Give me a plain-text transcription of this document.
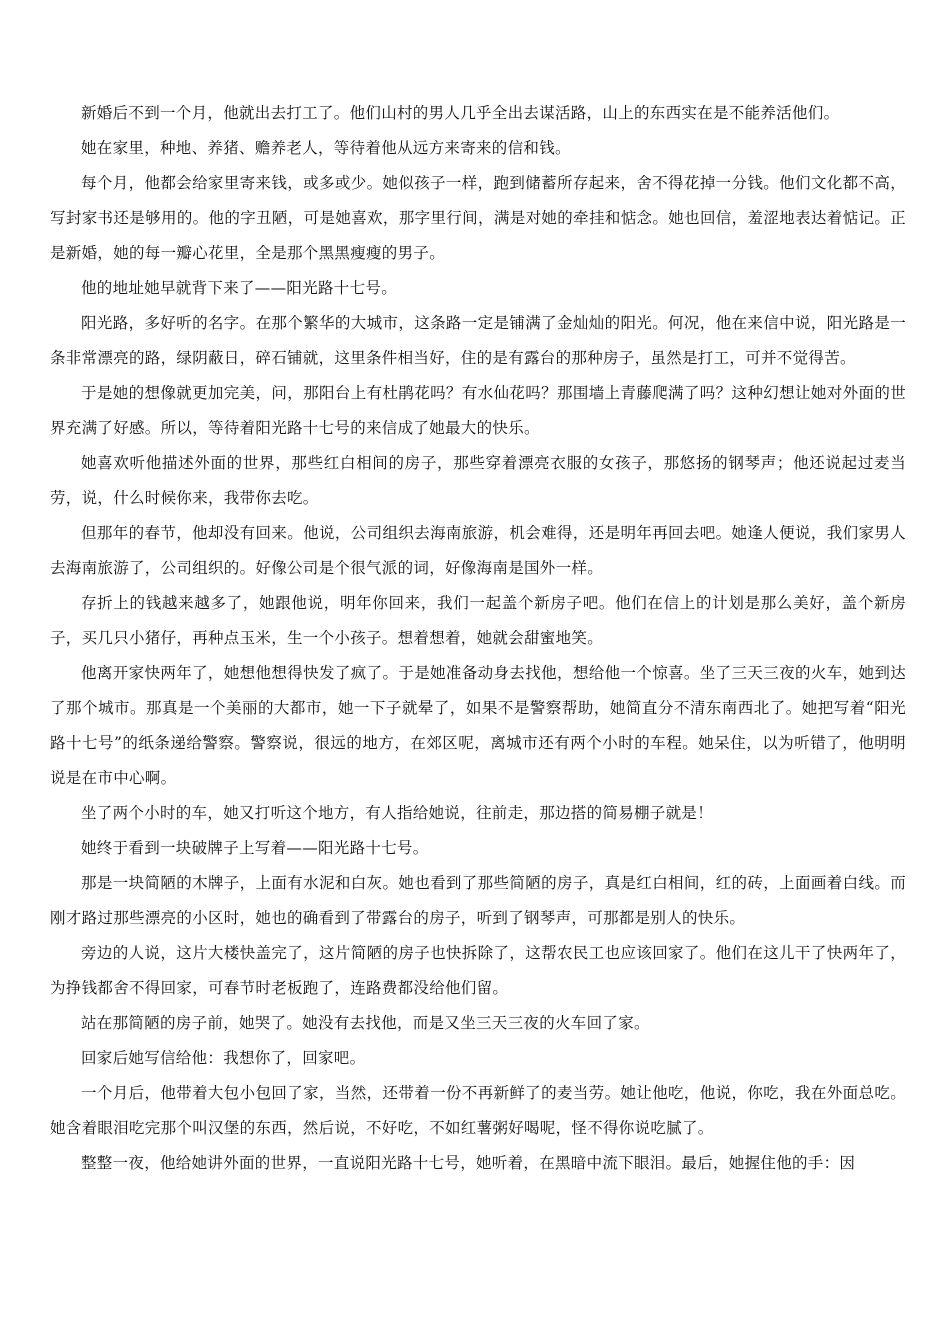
新婚后不到一个月，他就出去打工了。他们山村的男人几乎全出去谋活路，山上的东西实在是不能养活他们。

她在家里，种地、养猪、赡养老人，等待着他从远方来寄来的信和钱。

每个月，他都会给家里寄来钱，或多或少。她似孩子一样，跑到储蓄所存起来，舍不得花掉一分钱。他们文化都不高，写封家书还是够用的。他的字丑陋，可是她喜欢，那字里行间，满是对她的牵挂和惦念。她也回信，羞涩地表达着惦记。正是新婚，她的每一瓣心花里，全是那个黑黑瘦瘦的男子。

他的地址她早就背下来了——阳光路十七号。

阳光路，多好听的名字。在那个繁华的大城市，这条路一定是铺满了金灿灿的阳光。何况，他在来信中说，阳光路是一条非常漂亮的路，绿阴蔽日，碎石铺就，这里条件相当好，住的是有露台的那种房子，虽然是打工，可并不觉得苦。

于是她的想像就更加完美，问，那阳台上有杜鹃花吗？有水仙花吗？那围墙上青藤爬满了吗？这种幻想让她对外面的世界充满了好感。所以，等待着阳光路十七号的来信成了她最大的快乐。

她喜欢听他描述外面的世界，那些红白相间的房子，那些穿着漂亮衣服的女孩子，那悠扬的钢琴声；他还说起过麦当劳，说，什么时候你来，我带你去吃。

但那年的春节，他却没有回来。他说，公司组织去海南旅游，机会难得，还是明年再回去吧。她逢人便说，我们家男人去海南旅游了，公司组织的。好像公司是个很气派的词，好像海南是国外一样。

存折上的钱越来越多了，她跟他说，明年你回来，我们一起盖个新房子吧。他们在信上的计划是那么美好，盖个新房子，买几只小猪仔，再种点玉米，生一个小孩子。想着想着，她就会甜蜜地笑。

他离开家快两年了，她想他想得快发了疯了。于是她准备动身去找他，想给他一个惊喜。坐了三天三夜的火车，她到达了那个城市。那真是一个美丽的大都市，她一下子就晕了，如果不是警察帮助，她简直分不清东南西北了。她把写着“阳光路十七号”的纸条递给警察。警察说，很远的地方，在郊区呢，离城市还有两个小时的车程。她呆住，以为听错了，他明明说是在市中心啊。

坐了两个小时的车，她又打听这个地方，有人指给她说，往前走，那边搭的简易棚子就是！

她终于看到一块破牌子上写着——阳光路十七号。

那是一块简陋的木牌子，上面有水泥和白灰。她也看到了那些简陋的房子，真是红白相间，红的砖，上面画着白线。而刚才路过那些漂亮的小区时，她也的确看到了带露台的房子，听到了钢琴声，可那都是别人的快乐。

旁边的人说，这片大楼快盖完了，这片简陋的房子也快拆除了，这帮农民工也应该回家了。他们在这儿干了快两年了，为挣钱都舍不得回家，可春节时老板跑了，连路费都没给他们留。

站在那简陋的房子前，她哭了。她没有去找他，而是又坐三天三夜的火车回了家。

回家后她写信给他：我想你了，回家吧。

一个月后，他带着大包小包回了家，当然，还带着一份不再新鲜了的麦当劳。她让他吃，他说，你吃，我在外面总吃。她含着眼泪吃完那个叫汉堡的东西，然后说，不好吃，不如红薯粥好喝呢，怪不得你说吃腻了。

整整一夜，他给她讲外面的世界，一直说阳光路十七号，她听着，在黑暗中流下眼泪。最后，她握住他的手：因
